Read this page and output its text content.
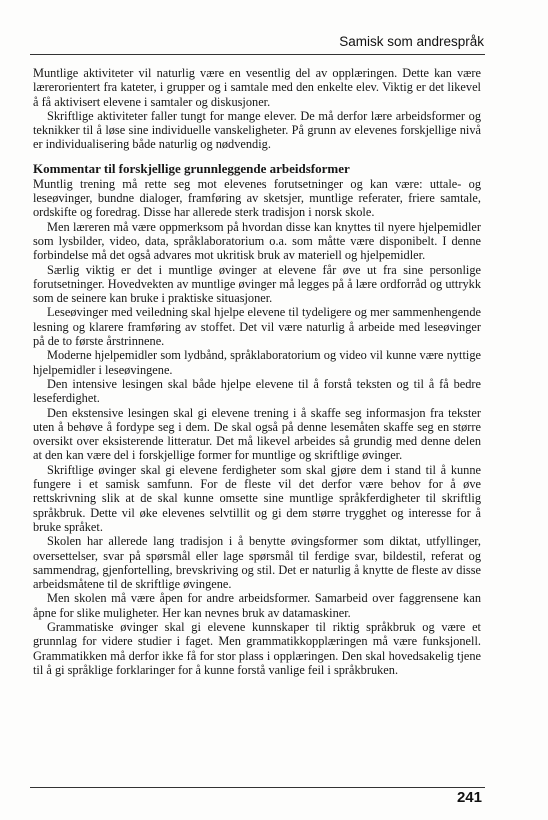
Samisk som andrespråk

Muntlige aktiviteter vil naturlig være en vesentlig del av opplæringen. Dette kan være lærerorientert fra kateter, i grupper og i samtale med den enkelte elev. Viktig er det likevel å få aktivisert elevene i samtaler og diskusjoner.

Skriftlige aktiviteter faller tungt for mange elever. De må derfor lære arbeidsformer og teknikker til å løse sine individuelle vanskeligheter. På grunn av elevenes forskjellige nivå er individualisering både naturlig og nødvendig.

Kommentar til forskjellige grunnleggende arbeidsformer

Muntlig trening må rette seg mot elevenes forutsetninger og kan være: uttale- og leseøvinger, bundne dialoger, framføring av sketsjer, muntlige referater, friere samtale, ordskifte og foredrag. Disse har allerede sterk tradisjon i norsk skole.

Men læreren må være oppmerksom på hvordan disse kan knyttes til nyere hjelpemidler som lysbilder, video, data, språklaboratorium o.a. som måtte være disponibelt. I denne forbindelse må det også advares mot ukritisk bruk av materiell og hjelpemidler.

Særlig viktig er det i muntlige øvinger at elevene får øve ut fra sine personlige forutsetninger. Hovedvekten av muntlige øvinger må legges på å lære ordforråd og uttrykk som de seinere kan bruke i praktiske situasjoner.

Leseøvinger med veiledning skal hjelpe elevene til tydeligere og mer sammenhengende lesning og klarere framføring av stoffet. Det vil være naturlig å arbeide med leseøvinger på de to første årstrinnene.

Moderne hjelpemidler som lydbånd, språklaboratorium og video vil kunne være nyttige hjelpemidler i leseøvingene.

Den intensive lesingen skal både hjelpe elevene til å forstå teksten og til å få bedre leseferdighet.

Den ekstensive lesingen skal gi elevene trening i å skaffe seg informasjon fra tekster uten å behøve å fordype seg i dem. De skal også på denne lesemåten skaffe seg en større oversikt over eksisterende litteratur. Det må likevel arbeides så grundig med denne delen at den kan være del i forskjellige former for muntlige og skriftlige øvinger.

Skriftlige øvinger skal gi elevene ferdigheter som skal gjøre dem i stand til å kunne fungere i et samisk samfunn. For de fleste vil det derfor være behov for å øve rettskrivning slik at de skal kunne omsette sine muntlige språkferdigheter til skriftlig språkbruk. Dette vil øke elevenes selvtillit og gi dem større trygghet og interesse for å bruke språket.

Skolen har allerede lang tradisjon i å benytte øvingsformer som diktat, utfyllinger, oversettelser, svar på spørsmål eller lage spørsmål til ferdige svar, bildestil, referat og sammendrag, gjenfortelling, brevskriving og stil. Det er naturlig å knytte de fleste av disse arbeidsmåtene til de skriftlige øvingene.

Men skolen må være åpen for andre arbeidsformer. Samarbeid over faggrensene kan åpne for slike muligheter. Her kan nevnes bruk av datamaskiner.

Grammatiske øvinger skal gi elevene kunnskaper til riktig språkbruk og være et grunnlag for videre studier i faget. Men grammatikkopplæringen må være funksjonell. Grammatikken må derfor ikke få for stor plass i opplæringen. Den skal hovedsakelig tjene til å gi språklige forklaringer for å kunne forstå vanlige feil i språkbruken.

241
